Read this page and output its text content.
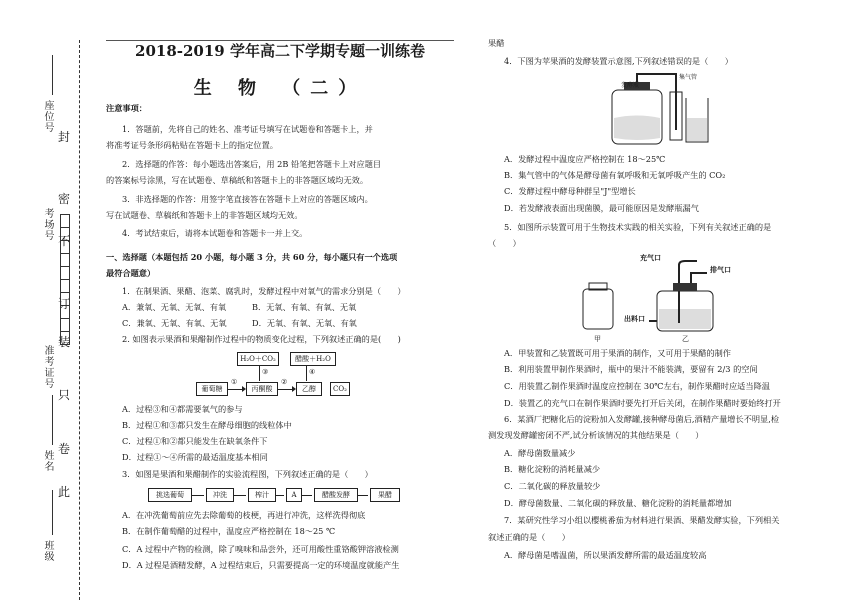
封
密
不
订
装
只
卷
此
座位号
考场号
准考证号
姓名
班级
2018-2019 学年高二下学期专题一训练卷
生 物 （二）

注意事项：

1．答题前，先将自己的姓名、准考证号填写在试题卷和答题卡上，并

将准考证号条形码粘贴在答题卡上的指定位置。

2．选择题的作答：每小题选出答案后，用 2B 铅笔把答题卡上对应题目

的答案标号涂黑，写在试题卷、草稿纸和答题卡上的非答题区域均无效。

3．非选择题的作答：用签字笔直接答在答题卡上对应的答题区域内。

写在试题卷、草稿纸和答题卡上的非答题区域均无效。

4．考试结束后，请将本试题卷和答题卡一并上交。

一、选择题（本题包括 20 小题，每小题 3 分，共 60 分，每小题只有一个选项

最符合题意）

1．在制果酒、果醋、泡菜、腐乳时，发酵过程中对氧气的需求分别是（　　）

A．兼氧、无氧、无氧、有氧	B．无氧、有氧、有氧、无氧

C．兼氧、无氧、有氧、无氧	D．无氧、有氧、无氧、有氧

2. 如图表示果酒和果醋制作过程中的物质变化过程，下列叙述正确的是(　　)

H₂O＋CO₂	醋酸＋H₂O
葡萄糖	丙酮酸	乙醇	CO₂
①	②
③	④

A．过程③和④都需要氧气的参与

B．过程①和③都只发生在酵母细胞的线粒体中

C．过程①和②都只能发生在缺氧条件下

D．过程①～④所需的最适温度基本相同

3．如图是果酒和果醋制作的实验流程图，下列叙述正确的是（　　）

挑选葡萄	冲洗	榨汁	A	醋酸发酵	果醋

A．在冲洗葡萄前应先去除葡萄的枝梗，再进行冲洗，这样洗得彻底

B．在制作葡萄醋的过程中，温度应严格控制在 18～25 ℃

C．A 过程中产物的检测，除了嗅味和品尝外，还可用酸性重铬酸钾溶液检测

D．A 过程是酒精发酵，A 过程结束后，只需要提高一定的环境温度就能产生

果醋

4．下图为苹果酒的发酵装置示意图,下列叙述错误的是（　　）

发酵瓶
集气管

A．发酵过程中温度应严格控制在 18～25℃

B．集气管中的气体是酵母菌有氧呼吸和无氧呼吸产生的 CO₂

C．发酵过程中酵母种群呈"J"型增长

D．若发酵液表面出现菌膜，最可能原因是发酵瓶漏气

5．如图所示装置可用于生物技术实践的相关实验，下列有关叙述正确的是

（　　）

充气口
排气口
出料口
甲	乙

A．甲装置和乙装置既可用于果酒的制作，又可用于果醋的制作

B．利用装置甲制作果酒时，瓶中的果汁不能装满，要留有 2/3 的空间

C．用装置乙制作果酒时温度应控制在 30℃左右，制作果醋时应适当降温

D．装置乙的充气口在制作果酒时要先打开后关闭，在制作果醋时要始终打开

6．某酒厂把糖化后的淀粉加入发酵罐,接种酵母菌后,酒精产量增长不明显,检

测发现发酵罐密闭不严,试分析该情况的其他结果是（　　）

A．酵母菌数量减少

B．糖化淀粉的消耗量减少

C．二氧化碳的释放量较少

D．酵母菌数量、二氧化碳的释放量、糖化淀粉的消耗量都增加

7．某研究性学习小组以樱桃番茄为材料进行果酒、果醋发酵实验，下列相关

叙述正确的是（　　）

A．酵母菌是嗜温菌，所以果酒发酵所需的最适温度较高
